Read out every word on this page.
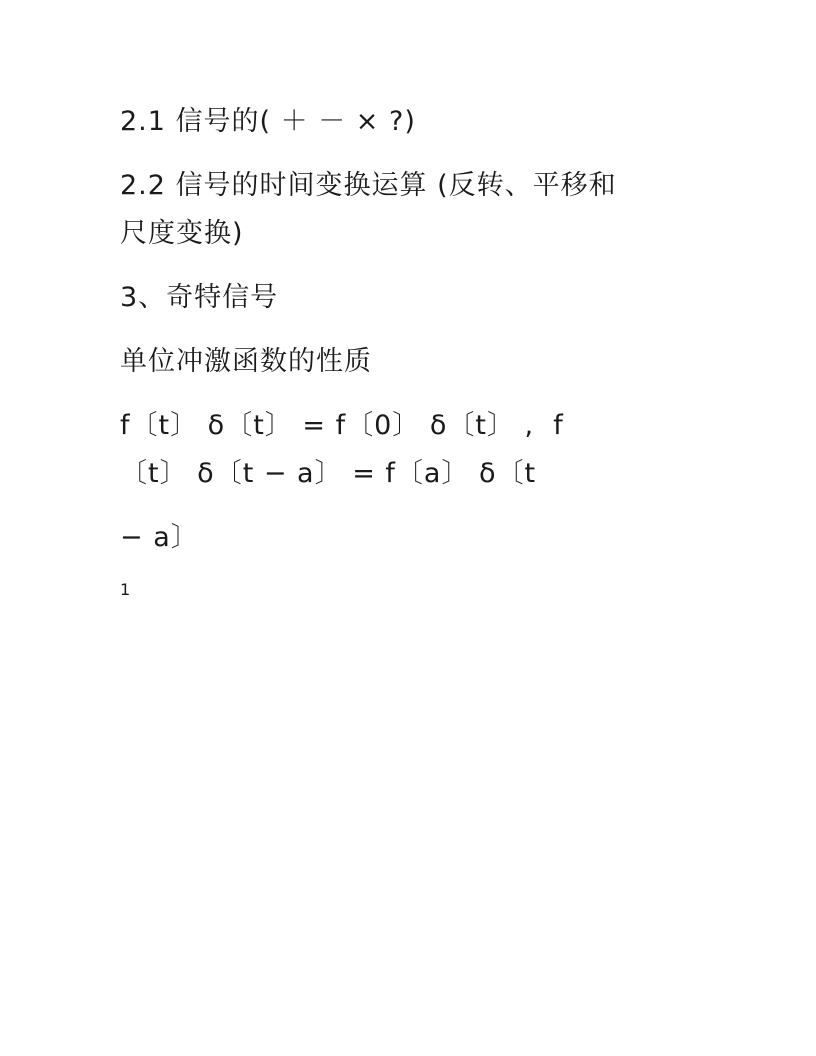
2.1 信号的( ＋ － × ?)
2.2 信号的时间变换运算 (反转、平移和
尺度变换)
3、奇特信号
单位冲激函数的性质
f〔t〕 δ〔t〕 = f〔0〕 δ〔t〕 ,  f
〔t〕 δ〔t − a〕 = f〔a〕 δ〔t
− a〕
1
